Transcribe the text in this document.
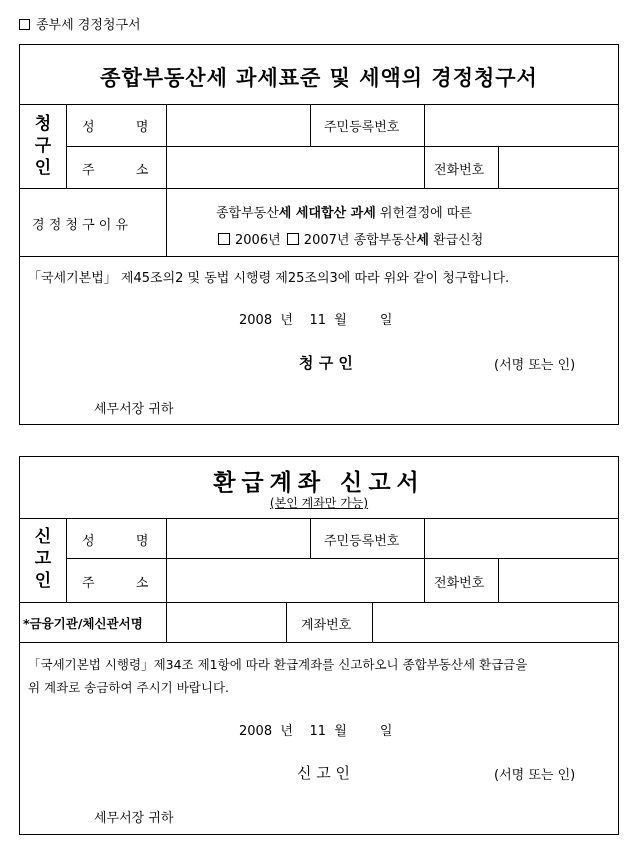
종부세 경정청구서
종합부동산세 과세표준 및 세액의 경정청구서
청
구
인
성          명	주민등록번호
주          소	전화번호
경 정 청 구 이 유
종합부동산세 세대합산 과세 위헌결정에 따른
2006년 2007년 종합부동산세 환급신청
「국세기본법」 제45조의2 및 동법 시행령 제25조의3에 따라 위와 같이 청구합니다.
2008 년 11 월	일
청 구 인	(서명 또는 인)
세무서장 귀하
환급계좌 신고서
(본인 계좌만 가능)
신
고
인
성          명	주민등록번호
주          소	전화번호
*금융기관/체신관서명	계좌번호
「국세기본법 시행령」제34조 제1항에 따라 환급계좌를 신고하오니 종합부동산세 환급금을
위 계좌로 송금하여 주시기 바랍니다.
2008 년 11 월	일
신 고 인	(서명 또는 인)
세무서장 귀하
